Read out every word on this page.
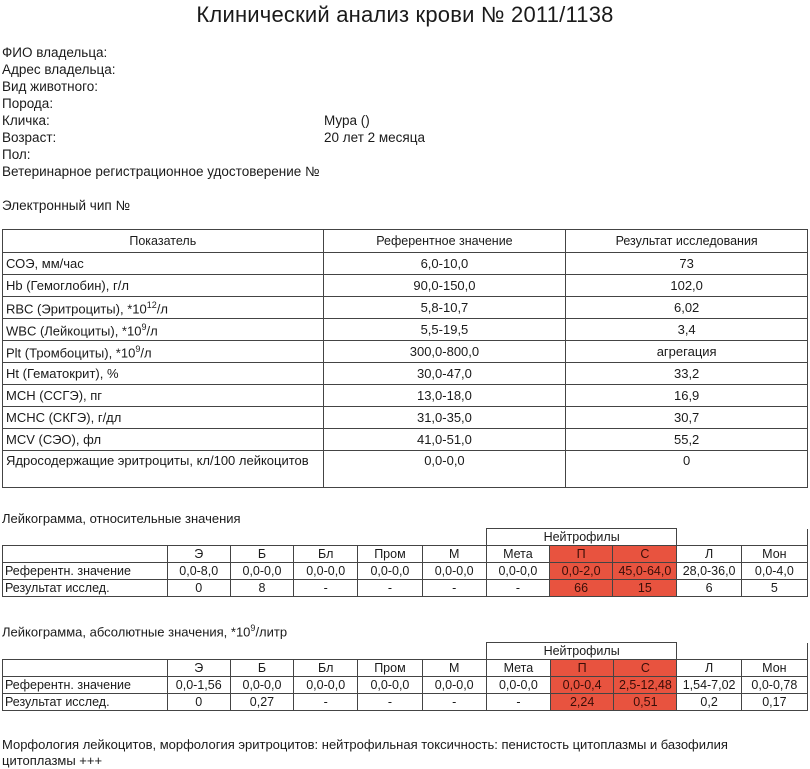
Клинический анализ крови № 2011/1138
ФИО владельца:
Адрес владельца:
Вид животного:
Порода:
Кличка:	Мура ()
Возраст:	20 лет 2 месяца
Пол:
Ветеринарное регистрационное удостоверение №
Электронный чип №
Показатель	Референтное значение	Результат исследования
СОЭ, мм/час	6,0-10,0	73
Hb (Гемоглобин), г/л	90,0-150,0	102,0
RBC (Эритроциты), $*10^{12}/л$	5,8-10,7	6,02
WBC (Лейкоциты), $*10^9/л$	5,5-19,5	3,4
Plt (Тромбоциты), $*10^9/л$	300,0-800,0	агрегация
Ht (Гематокрит), %	30,0-47,0	33,2
МСН (ССГЭ), пг	13,0-18,0	16,9
МСНС (СКГЭ), г/дл	31,0-35,0	30,7
MCV (СЭО), фл	41,0-51,0	55,2
Ядросодержащие эритроциты, кл/100 лейкоцитов	0,0-0,0	0
Лейкограмма, относительные значения
						Нейтрофилы				
	Э	Б	Бл	Пром	М	Мета	П	С	Л	Мон
Референтн. значение	0,0-8,0	0,0-0,0	0,0-0,0	0,0-0,0	0,0-0,0	0,0-0,0	0,0-2,0	45,0-64,0	28,0-36,0	0,0-4,0
Результат исслед.	0	8	-	-	-	-	66	15	6	5
Лейкограмма, абсолютные значения, $*10^9$/литр
						Нейтрофилы				
	Э	Б	Бл	Пром	М	Мета	П	С	Л	Мон
Референтн. значение	0,0-1,56	0,0-0,0	0,0-0,0	0,0-0,0	0,0-0,0	0,0-0,0	0,0-0,4	2,5-12,48	1,54-7,02	0,0-0,78
Результат исслед.	0	0,27	-	-	-	-	2,24	0,51	0,2	0,17
Морфология лейкоцитов, морфология эритроцитов: нейтрофильная токсичность: пенистость цитоплазмы и базофилия цитоплазмы +++
